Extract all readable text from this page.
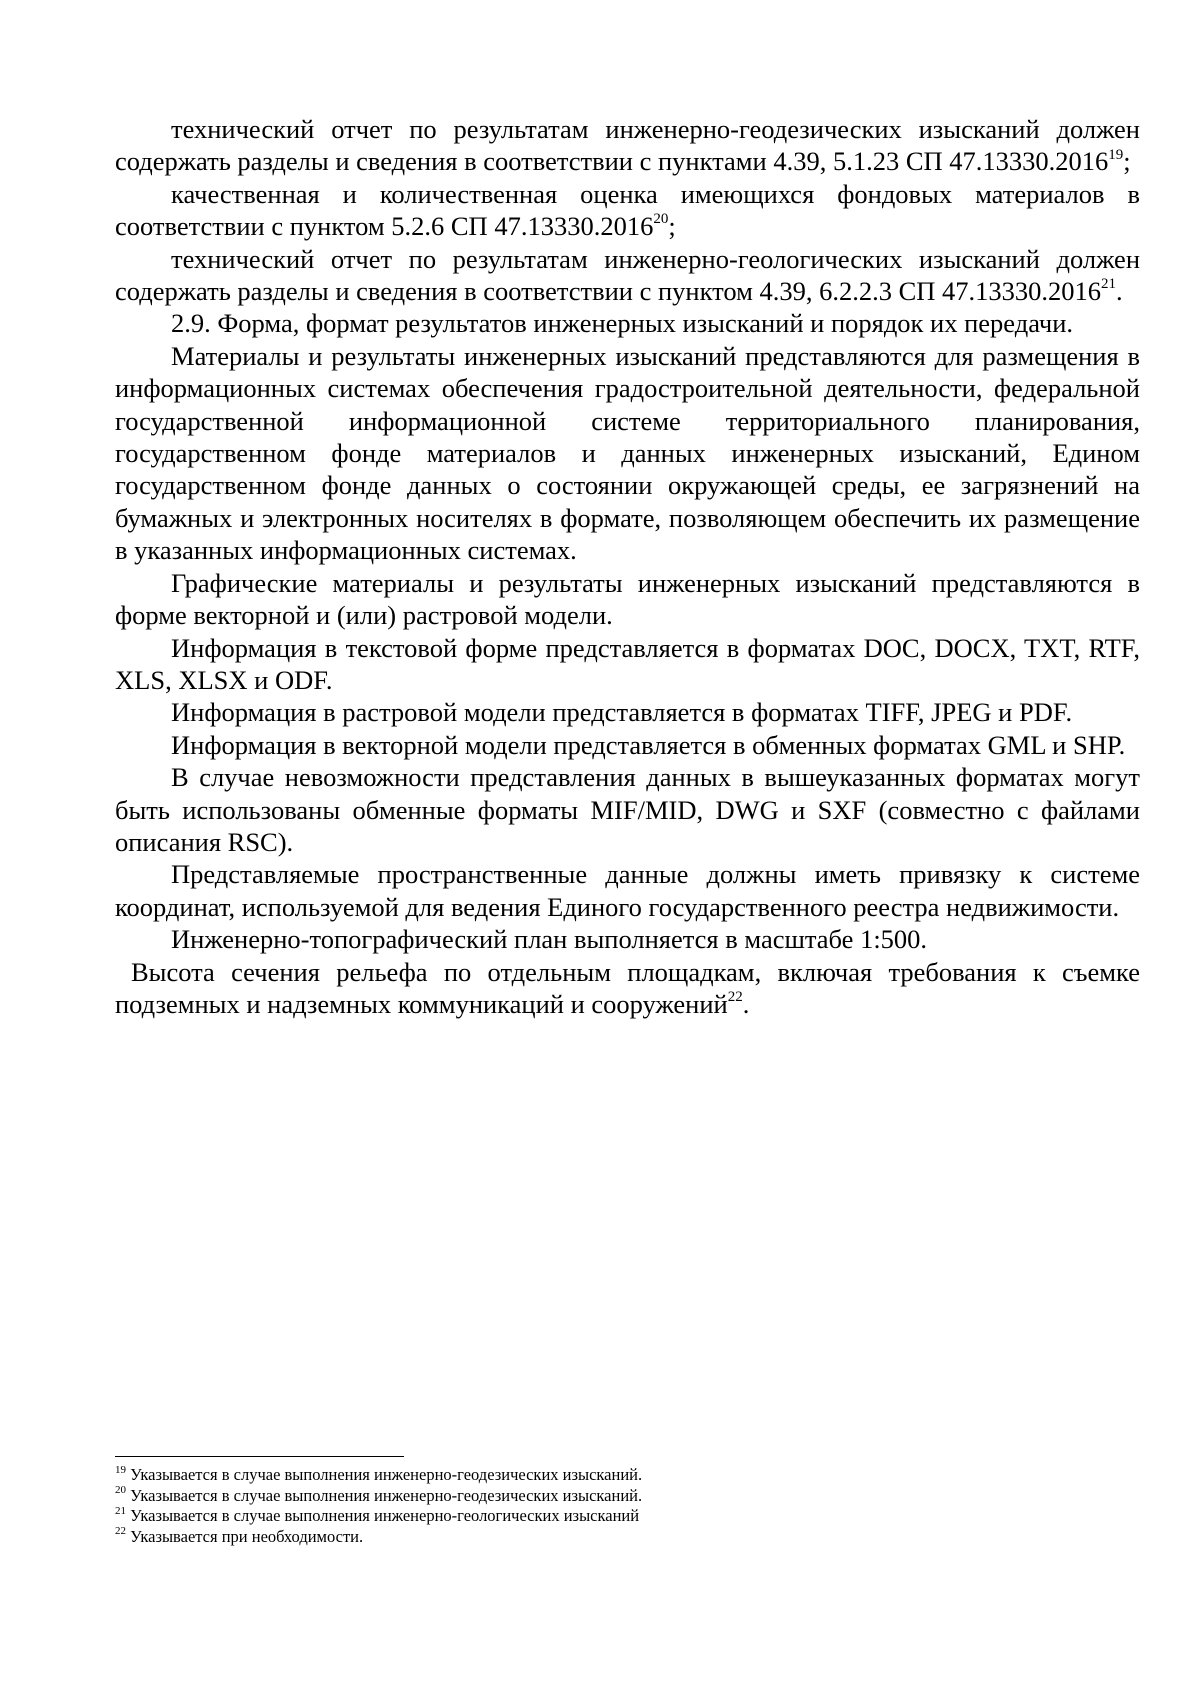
технический отчет по результатам инженерно-геодезических изысканий должен содержать разделы и сведения в соответствии с пунктами 4.39, 5.1.23 СП 47.13330.2016$^{19}$;

качественная и количественная оценка имеющихся фондовых материалов в соответствии с пунктом 5.2.6 СП 47.13330.2016$^{20}$;

технический отчет по результатам инженерно-геологических изысканий должен содержать разделы и сведения в соответствии с пунктом 4.39, 6.2.2.3 СП 47.13330.2016$^{21}$.

2.9. Форма, формат результатов инженерных изысканий и порядок их передачи.

Материалы и результаты инженерных изысканий представляются для размещения в информационных системах обеспечения градостроительной деятельности, федеральной государственной информационной системе территориального планирования, государственном фонде материалов и данных инженерных изысканий, Едином государственном фонде данных о состоянии окружающей среды, ее загрязнений на бумажных и электронных носителях в формате, позволяющем обеспечить их размещение в указанных информационных системах.

Графические материалы и результаты инженерных изысканий представляются в форме векторной и (или) растровой модели.

Информация в текстовой форме представляется в форматах DOC, DOCX, TXT, RTF, XLS, XLSX и ODF.

Информация в растровой модели представляется в форматах TIFF, JPEG и PDF.

Информация в векторной модели представляется в обменных форматах GML и SHP.

В случае невозможности представления данных в вышеуказанных форматах могут быть использованы обменные форматы MIF/MID, DWG и SXF (совместно с файлами описания RSC).

Представляемые пространственные данные должны иметь привязку к системе координат, используемой для ведения Единого государственного реестра недвижимости.

Инженерно-топографический план выполняется в масштабе 1:500.

Высота сечения рельефа по отдельным площадкам, включая требования к съемке подземных и надземных коммуникаций и сооружений$^{22}$.

$^{19}$ Указывается в случае выполнения инженерно-геодезических изысканий.

$^{20}$ Указывается в случае выполнения инженерно-геодезических изысканий.

$^{21}$ Указывается в случае выполнения инженерно-геологических изысканий

$^{22}$ Указывается при необходимости.
